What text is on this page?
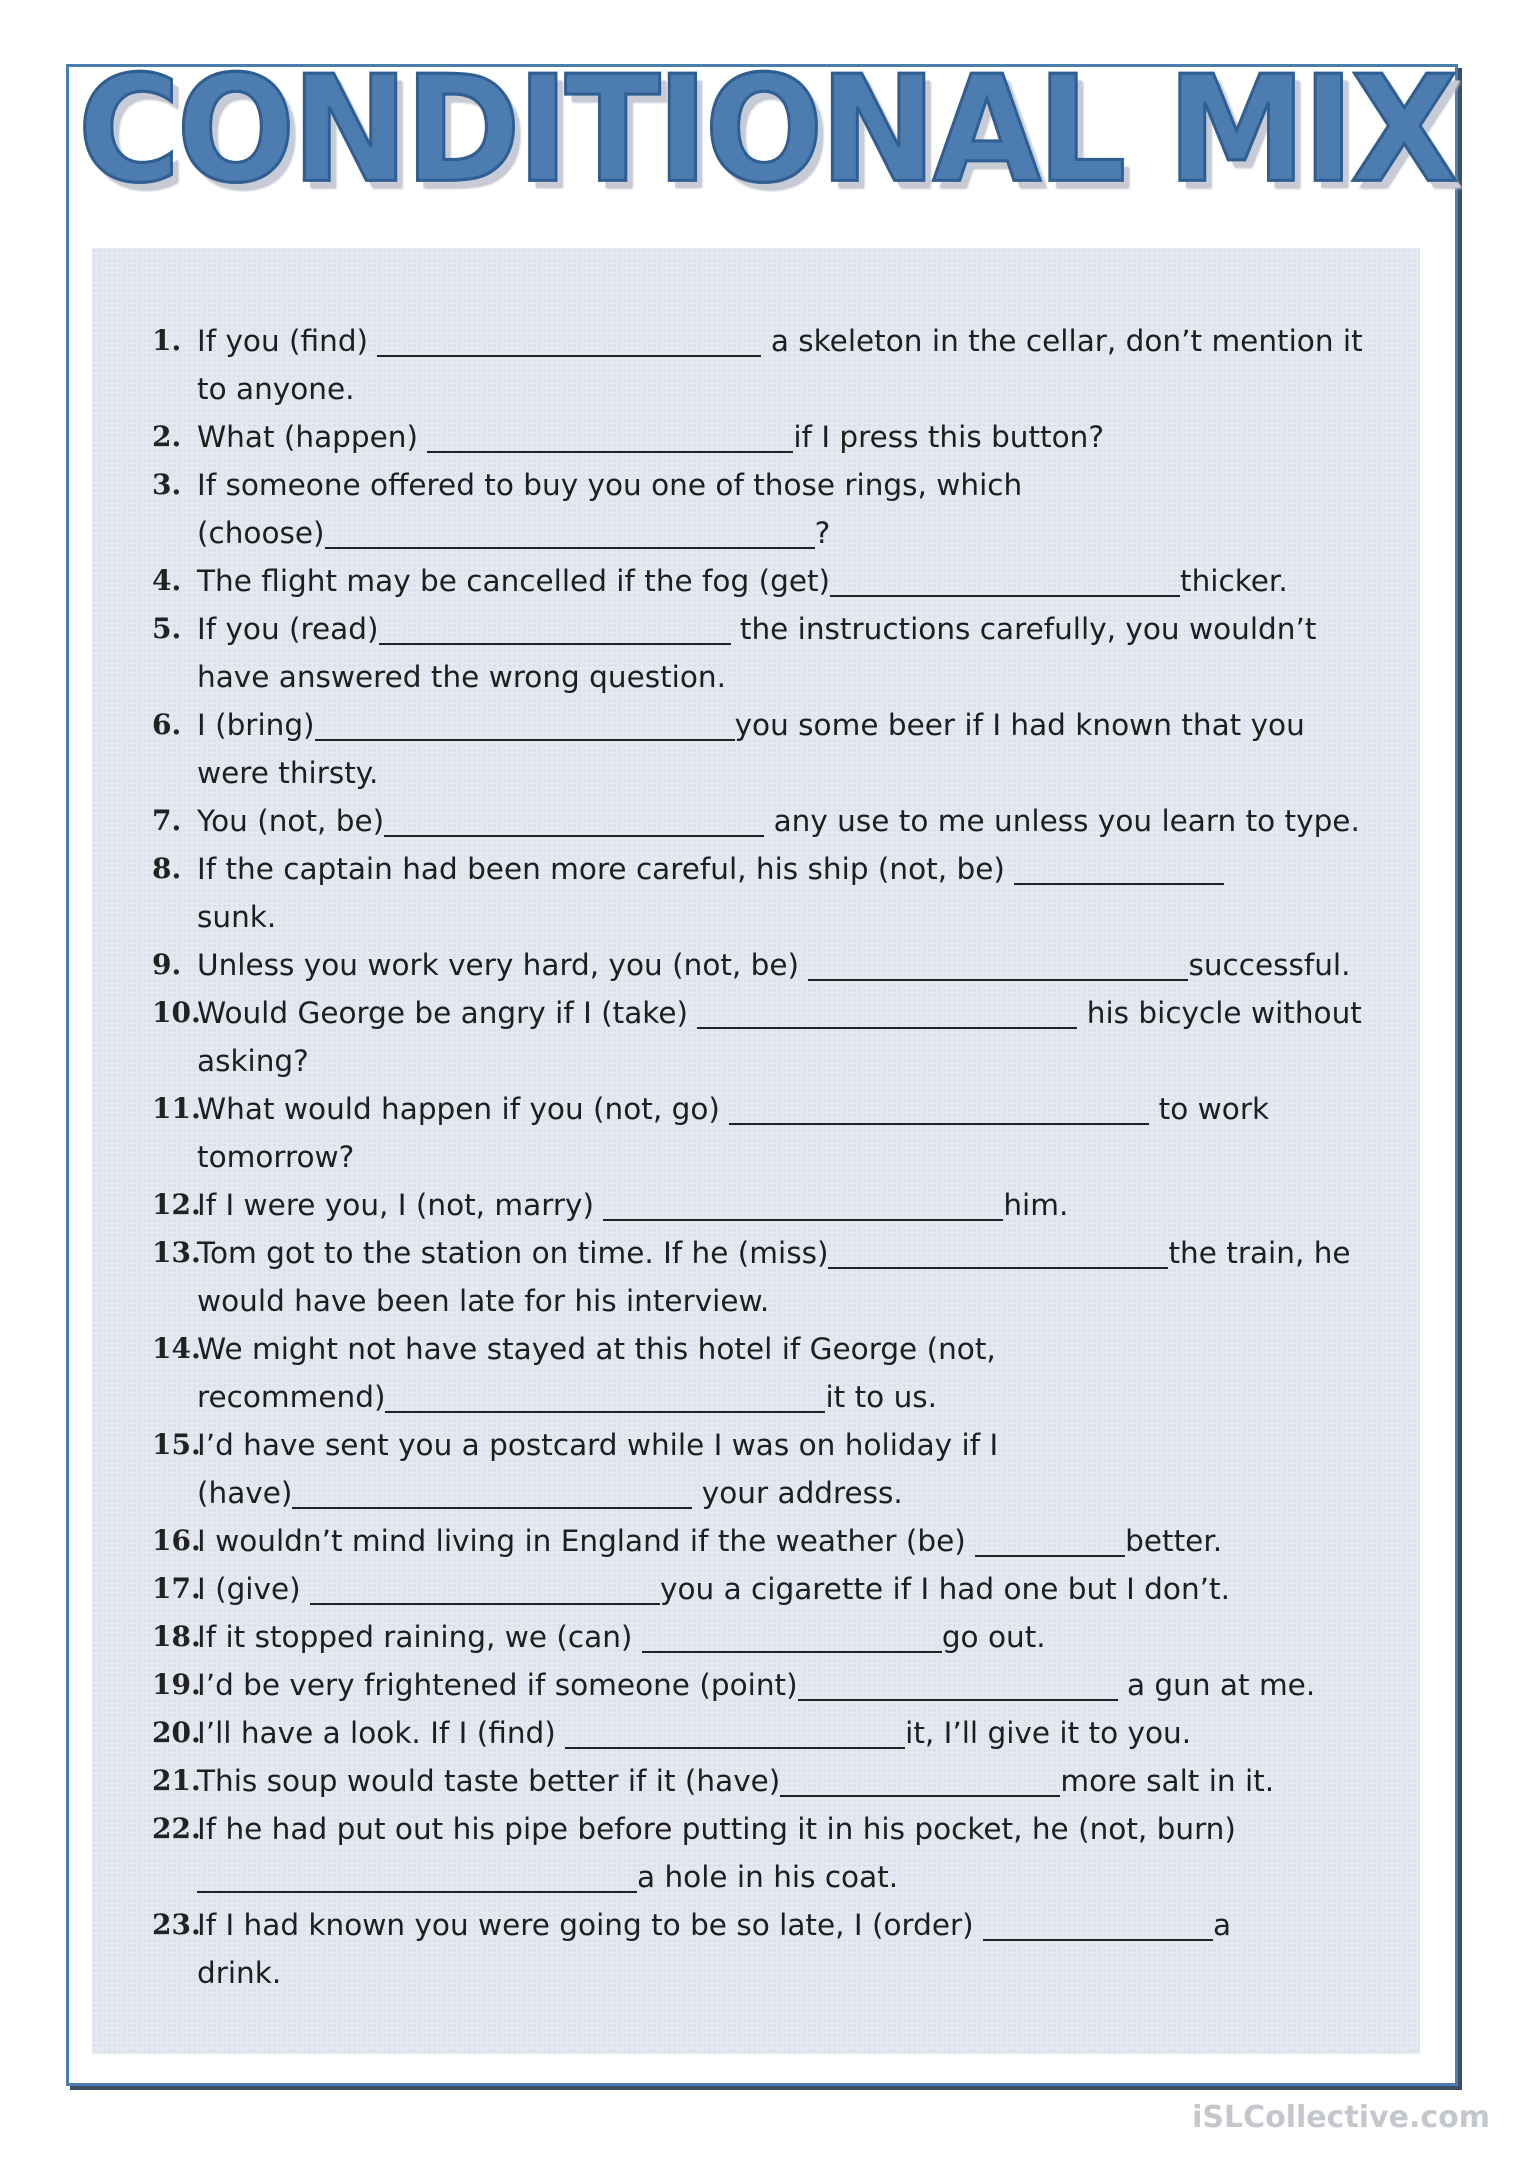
CONDITIONAL MIX
1. If you (find)	a skeleton in the cellar, don’t mention it
to anyone.
2. What (happen)	if I press this button?
3. If someone offered to buy you one of those rings, which
(choose)	?
4. The flight may be cancelled if the fog (get)	thicker.
5. If you (read)	the instructions carefully, you wouldn’t
have answered the wrong question.
6. I (bring)	you some beer if I had known that you
were thirsty.
7. You (not, be)	any use to me unless you learn to type.
8. If the captain had been more careful, his ship (not, be)
sunk.
9. Unless you work very hard, you (not, be)	successful.
10.
Would George be angry if I (take)	his bicycle without
asking?
11.
What would happen if you (not, go)	to work
tomorrow?
12.
If I were you, I (not, marry)	him.
13.
Tom got to the station on time. If he (miss)	the train, he
would have been late for his interview.
14.
We might not have stayed at this hotel if George (not,
recommend)	it to us.
15.
I’d have sent you a postcard while I was on holiday if I
(have)	your address.
16.
I wouldn’t mind living in England if the weather (be)	better.
17.
I (give)	you a cigarette if I had one but I don’t.
18.
If it stopped raining, we (can)	go out.
19.
I’d be very frightened if someone (point)	a gun at me.
20.
I’ll have a look. If I (find)	it, I’ll give it to you.
21.
This soup would taste better if it (have)	more salt in it.
22.
If he had put out his pipe before putting it in his pocket, he (not, burn)
a hole in his coat.
23.
If I had known you were going to be so late, I (order)	a
drink.
iSLCollective.com
